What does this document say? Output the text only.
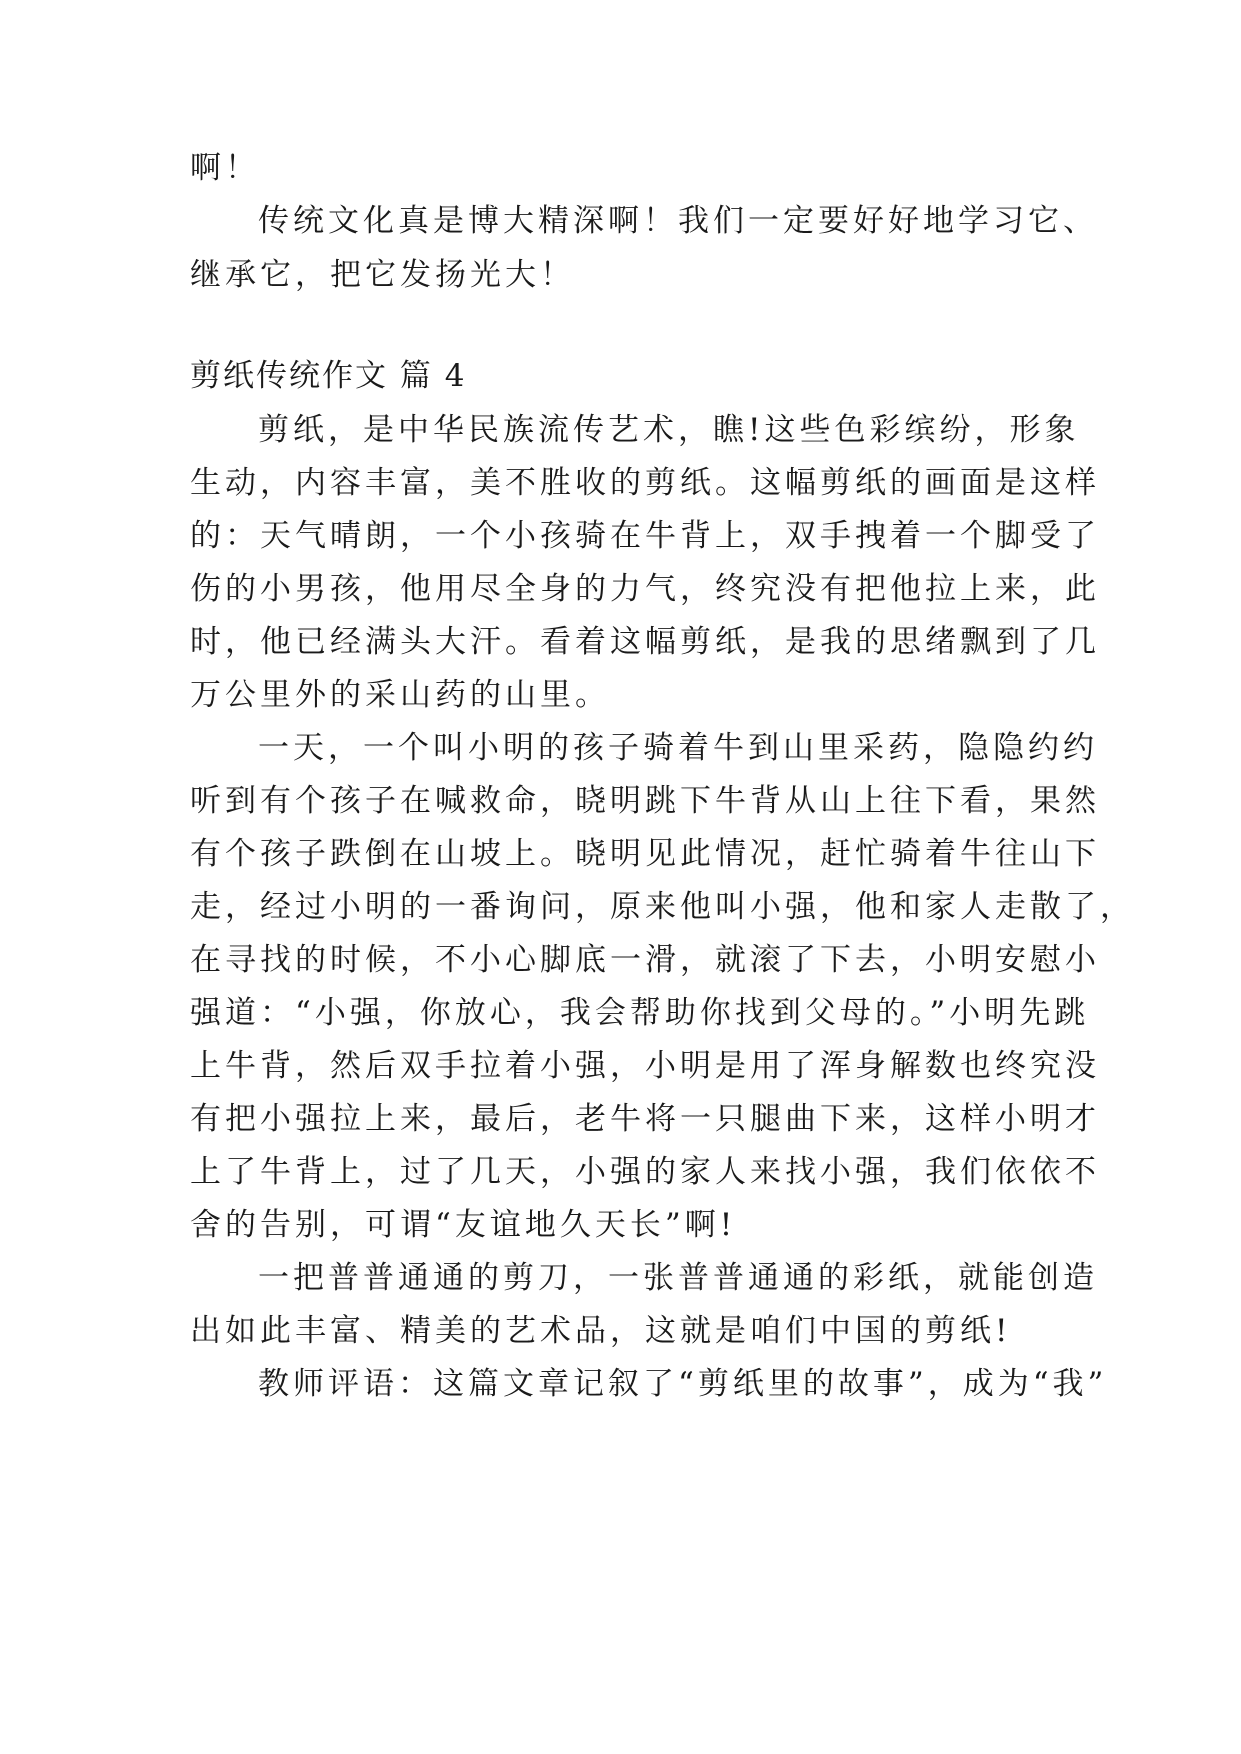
啊！
传统文化真是博大精深啊！我们一定要好好地学习它、
继承它，把它发扬光大！
剪纸传统作文 篇 4
剪纸，是中华民族流传艺术，瞧!这些色彩缤纷，形象
生动，内容丰富，美不胜收的剪纸。这幅剪纸的画面是这样
的：天气晴朗，一个小孩骑在牛背上，双手拽着一个脚受了
伤的小男孩，他用尽全身的力气，终究没有把他拉上来，此
时，他已经满头大汗。看着这幅剪纸，是我的思绪飘到了几
万公里外的采山药的山里。
一天，一个叫小明的孩子骑着牛到山里采药，隐隐约约
听到有个孩子在喊救命，晓明跳下牛背从山上往下看，果然
有个孩子跌倒在山坡上。晓明见此情况，赶忙骑着牛往山下
走，经过小明的一番询问，原来他叫小强，他和家人走散了，
在寻找的时候，不小心脚底一滑，就滚了下去，小明安慰小
强道：“小强，你放心，我会帮助你找到父母的。”小明先跳
上牛背，然后双手拉着小强，小明是用了浑身解数也终究没
有把小强拉上来，最后，老牛将一只腿曲下来，这样小明才
上了牛背上，过了几天，小强的家人来找小强，我们依依不
舍的告别，可谓“友谊地久天长”啊!
一把普普通通的剪刀，一张普普通通的彩纸，就能创造
出如此丰富、精美的艺术品，这就是咱们中国的剪纸!
教师评语：这篇文章记叙了“剪纸里的故事”，成为“我”
